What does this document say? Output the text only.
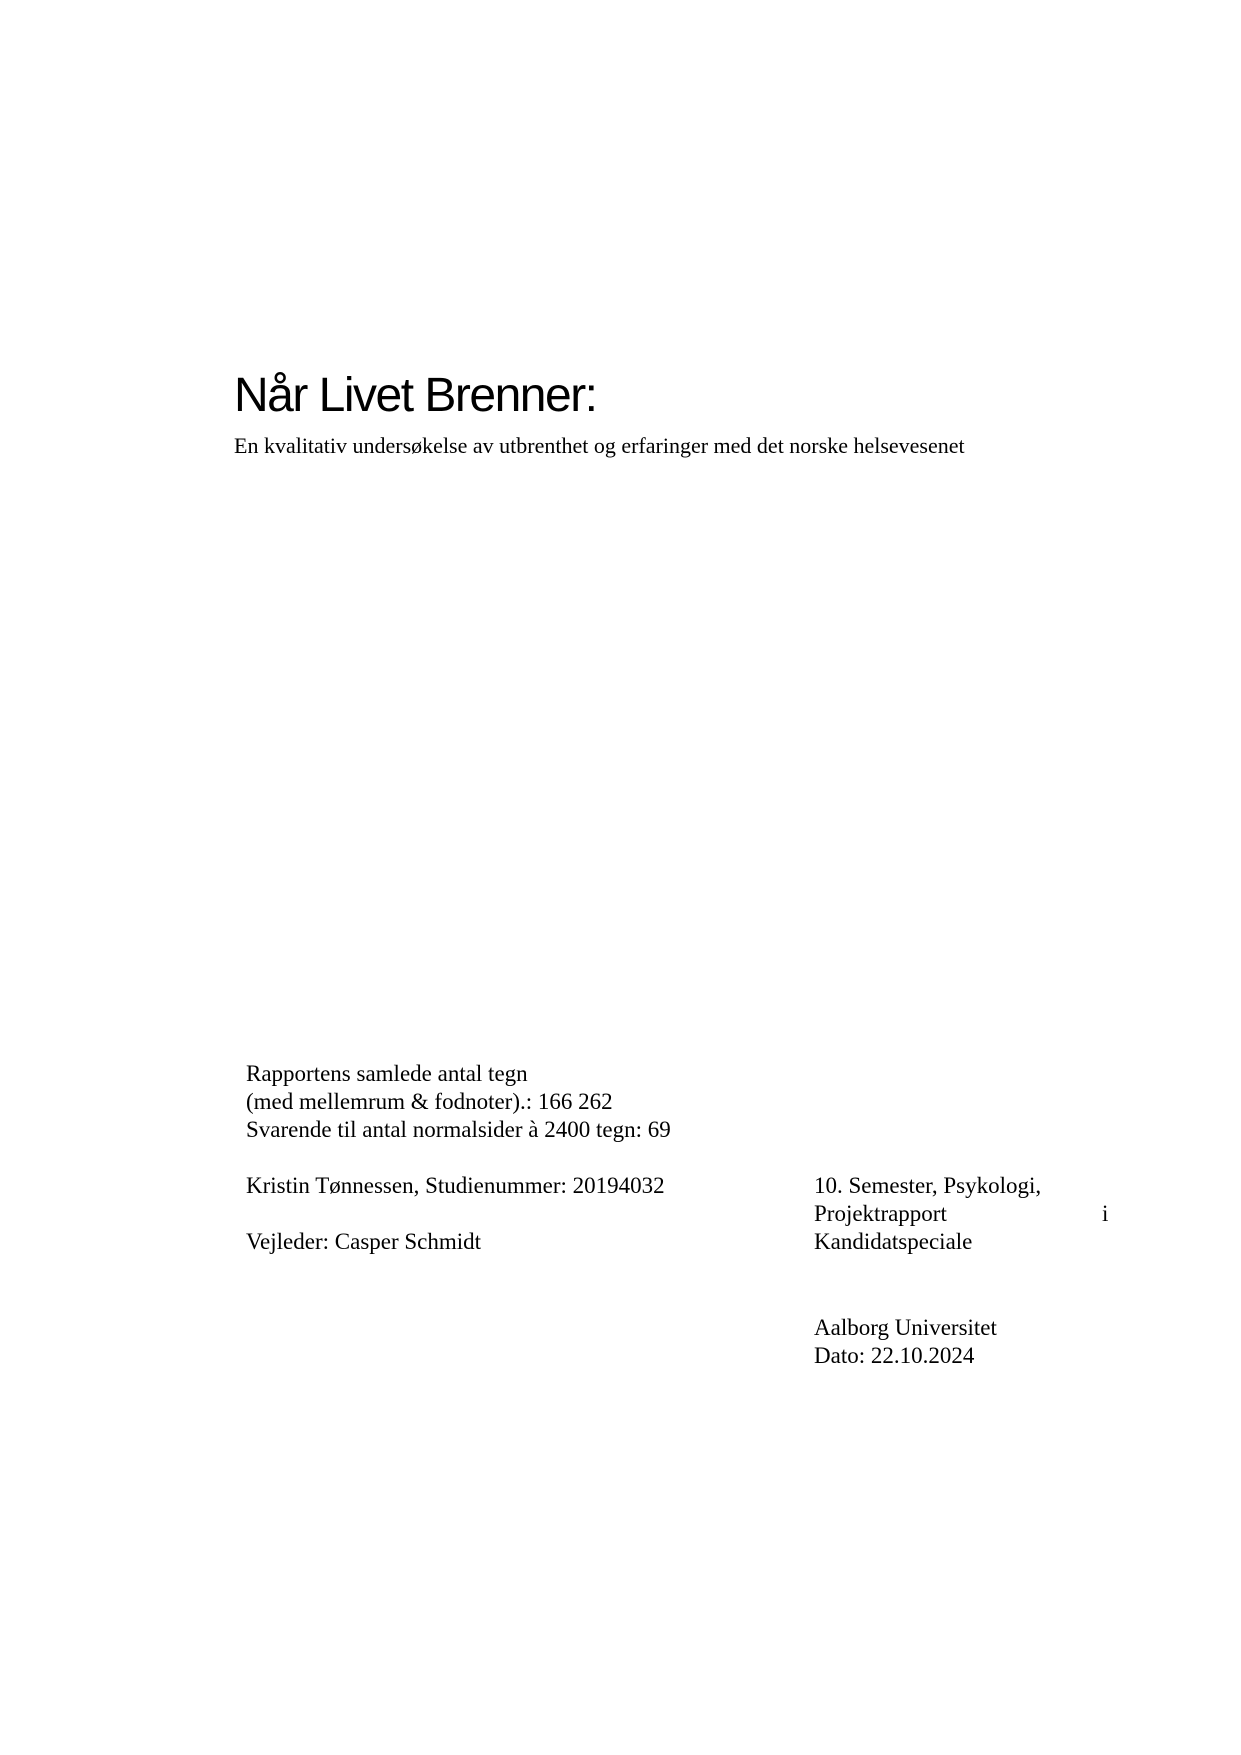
Når Livet Brenner:
En kvalitativ undersøkelse av utbrenthet og erfaringer med det norske helsevesenet
Rapportens samlede antal tegn
(med mellemrum & fodnoter).: 166 262
Svarende til antal normalsider à 2400 tegn: 69
Kristin Tønnessen, Studienummer: 20194032
Vejleder: Casper Schmidt
10. Semester, Psykologi,
Projektrapport
Kandidatspeciale
i
Aalborg Universitet
Dato: 22.10.2024
